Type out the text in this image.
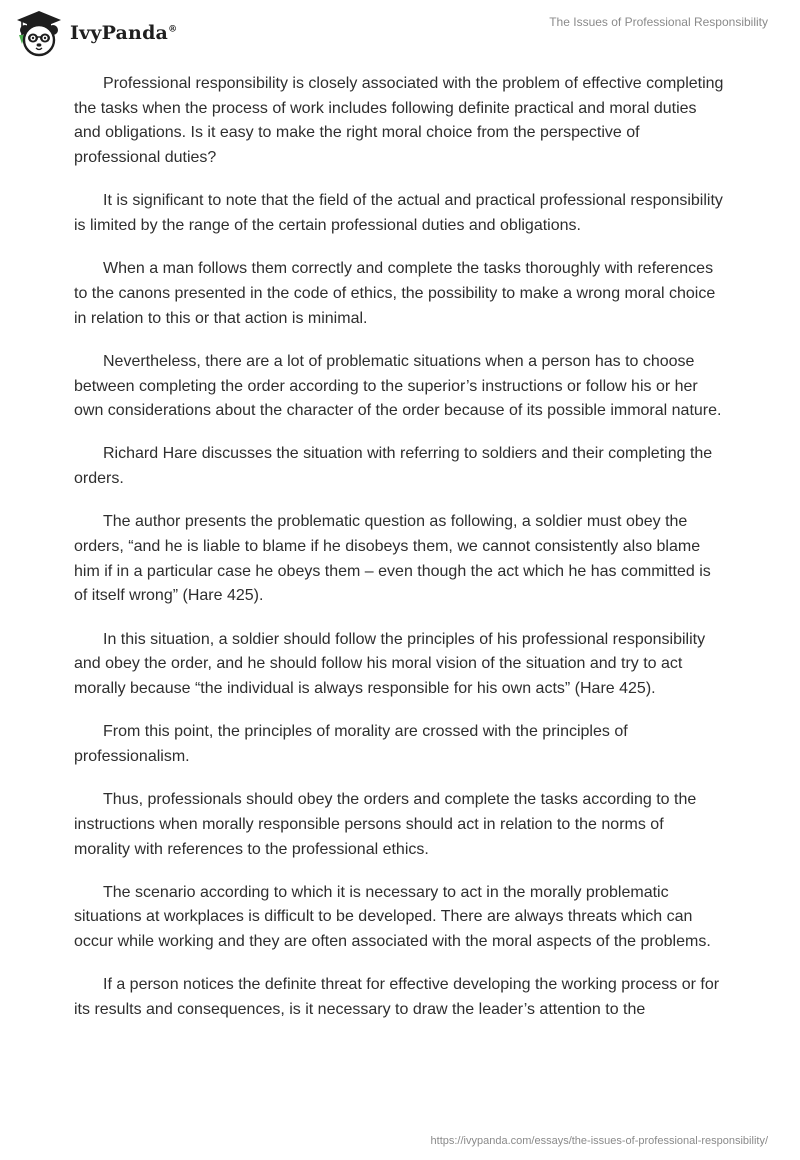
IvyPanda®
The Issues of Professional Responsibility

Professional responsibility is closely associated with the problem of effective completing the tasks when the process of work includes following definite practical and moral duties and obligations. Is it easy to make the right moral choice from the perspective of professional duties?

It is significant to note that the field of the actual and practical professional responsibility is limited by the range of the certain professional duties and obligations.

When a man follows them correctly and complete the tasks thoroughly with references to the canons presented in the code of ethics, the possibility to make a wrong moral choice in relation to this or that action is minimal.

Nevertheless, there are a lot of problematic situations when a person has to choose between completing the order according to the superior’s instructions or follow his or her own considerations about the character of the order because of its possible immoral nature.

Richard Hare discusses the situation with referring to soldiers and their completing the orders.

The author presents the problematic question as following, a soldier must obey the orders, “and he is liable to blame if he disobeys them, we cannot consistently also blame him if in a particular case he obeys them – even though the act which he has committed is of itself wrong” (Hare 425).

In this situation, a soldier should follow the principles of his professional responsibility and obey the order, and he should follow his moral vision of the situation and try to act morally because “the individual is always responsible for his own acts” (Hare 425).

From this point, the principles of morality are crossed with the principles of professionalism.

Thus, professionals should obey the orders and complete the tasks according to the instructions when morally responsible persons should act in relation to the norms of morality with references to the professional ethics.

The scenario according to which it is necessary to act in the morally problematic situations at workplaces is difficult to be developed. There are always threats which can occur while working and they are often associated with the moral aspects of the problems.

If a person notices the definite threat for effective developing the working process or for its results and consequences, is it necessary to draw the leader’s attention to the

https://ivypanda.com/essays/the-issues-of-professional-responsibility/
